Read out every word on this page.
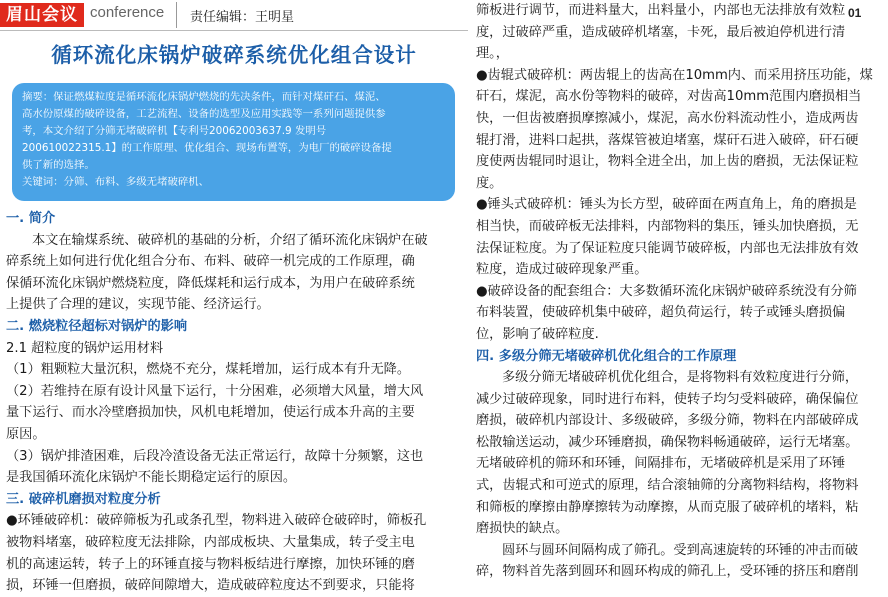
眉山会议 conference 责任编辑：王明星	01
循环流化床锅炉破碎系统优化组合设计

摘要：保证燃煤粒度是循环流化床锅炉燃烧的先决条件，而针对煤矸石、煤泥、

高水份原煤的破碎设备，工艺流程、设备的选型及应用实践等一系列问题提供参

考，本文介绍了分筛无堵破碎机【专利号20062003637.9 发明号

200610022315.1】的工作原理、优化组合、现场布置等，为电厂的破碎设备提

供了新的选择。

关键词：分筛、布料、多级无堵破碎机、

一. 简介

本文在输煤系统、破碎机的基础的分析，介绍了循环流化床锅炉在破

碎系统上如何进行优化组合分布、布料、破碎一机完成的工作原理，确

保循环流化床锅炉燃烧粒度，降低煤耗和运行成本，为用户在破碎系统

上提供了合理的建议，实现节能、经济运行。

二. 燃烧粒径超标对锅炉的影响

2.1 超粒度的锅炉运用材料

（1）粗颗粒大量沉积，燃烧不充分，煤耗增加，运行成本有升无降。

（2）若维持在原有设计风量下运行，十分困难，必须增大风量，增大风

量下运行、而水冷壁磨损加快，风机电耗增加，使运行成本升高的主要

原因。

（3）锅炉排渣困难，后段冷渣设备无法正常运行，故障十分频繁，这也

是我国循环流化床锅炉不能长期稳定运行的原因。

三. 破碎机磨损对粒度分析

●环锤破碎机：破碎筛板为孔或条孔型，物料进入破碎仓破碎时，筛板孔

被物料堵塞，破碎粒度无法排除，内部成板块、大量集成，转子受主电

机的高速运转，转子上的环锤直接与物料板结进行摩擦，加快环锤的磨

损，环锤一但磨损，破碎间隙增大，造成破碎粒度达不到要求，只能将

筛板进行调节，而进料量大，出料量小，内部也无法排放有效粒

度，过破碎严重，造成破碎机堵塞，卡死，最后被迫停机进行清

理。，

●齿辊式破碎机：两齿辊上的齿高在10mm内、而采用挤压功能，煤

矸石，煤泥，高水份等物料的破碎，对齿高10mm范围内磨损相当

快，一但齿被磨损摩擦减小，煤泥，高水份料流动性小，造成两齿

辊打滑，进料口起拱，落煤管被迫堵塞，煤矸石进入破碎，矸石硬

度使两齿辊同时退让，物料全进全出，加上齿的磨损，无法保证粒

度。

●锤头式破碎机：锤头为长方型，破碎面在两直角上，角的磨损是

相当快，而破碎板无法排料，内部物料的集压，锤头加快磨损，无

法保证粒度。为了保证粒度只能调节破碎板，内部也无法排放有效

粒度，造成过破碎现象严重。

●破碎设备的配套组合：大多数循环流化床锅炉破碎系统没有分筛

布料装置，使破碎机集中破碎，超负荷运行，转子或锤头磨损偏

位，影响了破碎粒度.

四. 多级分筛无堵破碎机优化组合的工作原理

多级分筛无堵破碎机优化组合，是将物料有效粒度进行分筛，

减少过破碎现象，同时进行布料，使转子均匀受料破碎，确保偏位

磨损，破碎机内部设计、多级破碎，多级分筛，物料在内部破碎成

松散输送运动，减少环锤磨损，确保物料畅通破碎，运行无堵塞。

无堵破碎机的筛环和环锤，间隔排布，无堵破碎机是采用了环锤

式，齿辊式和可逆式的原理，结合滚轴筛的分离物料结构，将物料

和筛板的摩擦由静摩擦转为动摩擦，从而克服了破碎机的堵料，粘

磨损快的缺点。

圆环与圆环间隔构成了筛孔。受到高速旋转的环锤的冲击而破

碎，物料首先落到圆环和圆环构成的筛孔上，受环锤的挤压和磨削
